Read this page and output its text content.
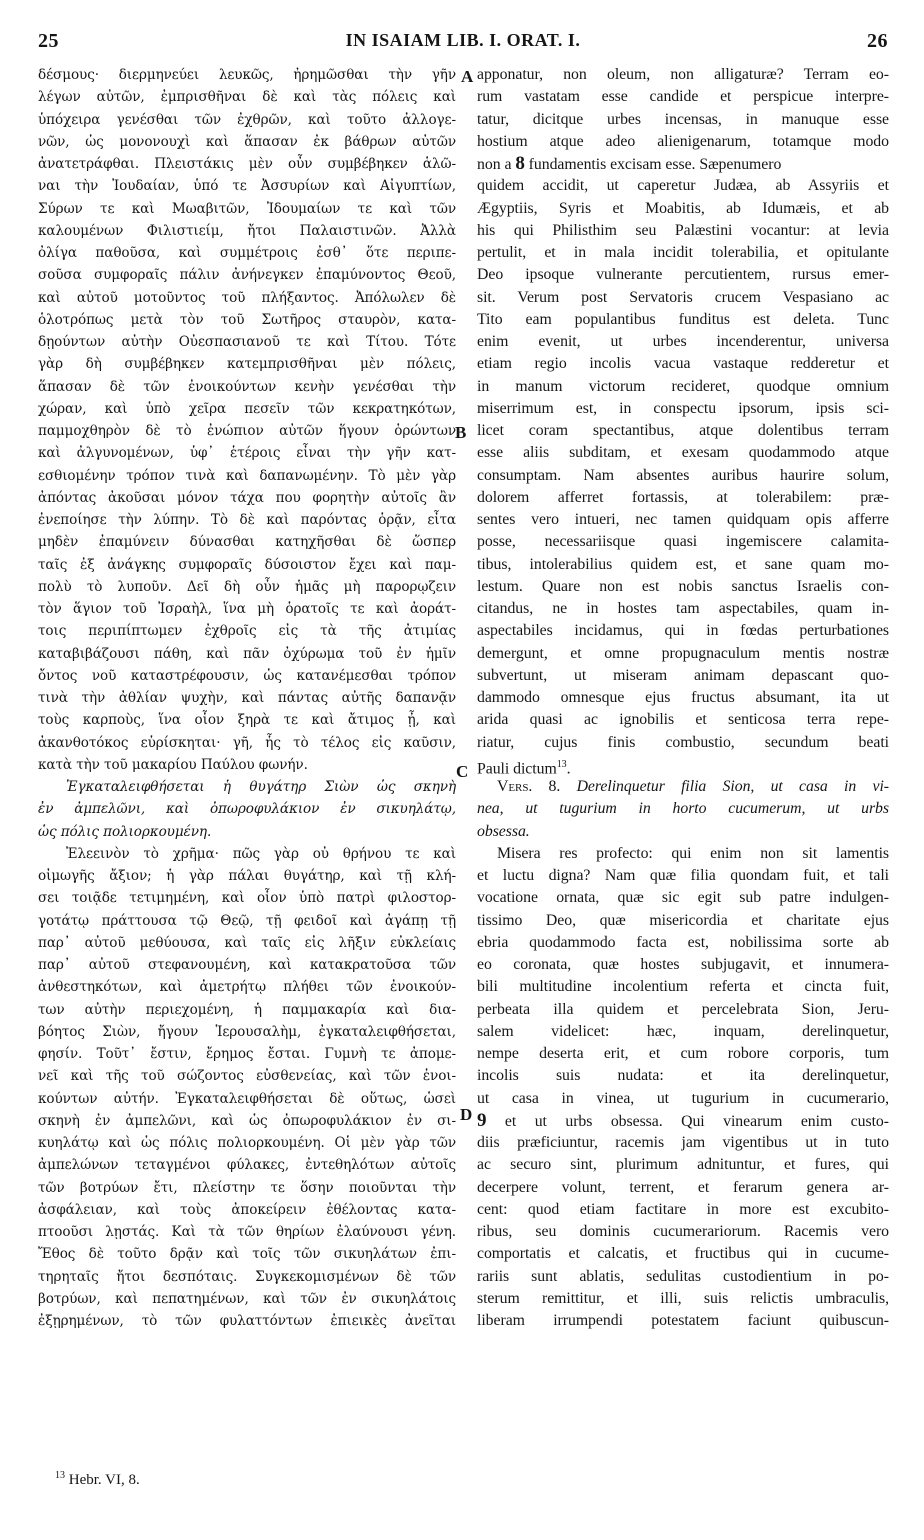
25	IN ISAIAM LIB. I. ORAT. I.	26
δέσμους· διερμηνεύει λευκῶς, ἠρημῶσθαι τὴν γῆν
λέγων αὐτῶν, ἐμπρισθῆναι δὲ καὶ τὰς πόλεις καὶ
ὑπόχειρα γενέσθαι τῶν ἐχθρῶν, καὶ τοῦτο ἀλλογε-
νῶν, ὡς μονονουχὶ καὶ ἅπασαν ἐκ βάθρων αὐτῶν
ἀνατετράφθαι. Πλειστάκις μὲν οὖν συμβέβηκεν ἁλῶ-
ναι τὴν Ἰουδαίαν, ὑπό τε Ἀσσυρίων καὶ Αἰγυπτίων,
Σύρων τε καὶ Μωαβιτῶν, Ἰδουμαίων τε καὶ τῶν
καλουμένων Φιλιστιείμ, ἤτοι Παλαιστινῶν. Ἀλλὰ
ὀλίγα παθοῦσα, καὶ συμμέτροις ἐσθ᾽ ὅτε περιπε-
σοῦσα συμφοραῖς πάλιν ἀνήνεγκεν ἐπαμύνοντος Θεοῦ,
καὶ αὐτοῦ μοτοῦντος τοῦ πλήξαντος. Ἀπόλωλεν δὲ
ὁλοτρόπως μετὰ τὸν τοῦ Σωτῆρος σταυρὸν, κατα-
δῃούντων αὐτὴν Οὐεσπασιανοῦ τε καὶ Τίτου. Τότε
γὰρ δὴ συμβέβηκεν κατεμπρισθῆναι μὲν πόλεις,
ἅπασαν δὲ τῶν ἐνοικούντων κενὴν γενέσθαι τὴν
χώραν, καὶ ὑπὸ χεῖρα πεσεῖν τῶν κεκρατηκότων,
παμμοχθηρὸν δὲ τὸ ἐνώπιον αὐτῶν ἥγουν ὁρώντων
καὶ ἀλγυνομένων, ὑφ᾽ ἑτέροις εἶναι τὴν γῆν κατ-
εσθιομένην τρόπον τινὰ καὶ δαπανωμένην. Τὸ μὲν γὰρ
ἀπόντας ἀκοῦσαι μόνον τάχα που φορητὴν αὐτοῖς ἂν
ἐνεποίησε τὴν λύπην. Τὸ δὲ καὶ παρόντας ὁρᾷν, εἶτα
μηδὲν ἐπαμύνειν δύνασθαι κατηχῆσθαι δὲ ὥσπερ
ταῖς ἐξ ἀνάγκης συμφοραῖς δύσοιστον ἔχει καὶ παμ-
πολὺ τὸ λυποῦν. Δεῖ δὴ οὖν ἡμᾶς μὴ παρορῳζειν
τὸν ἅγιον τοῦ Ἰσραὴλ, ἵνα μὴ ὁρατοῖς τε καὶ ἀοράτ-
τοις περιπίπτωμεν ἐχθροῖς εἰς τὰ τῆς ἀτιμίας
καταβιβάζουσι πάθη, καὶ πᾶν ὀχύρωμα τοῦ ἐν ἡμῖν
ὄντος νοῦ καταστρέφουσιν, ὡς κατανέμεσθαι τρόπον
τινὰ τὴν ἀθλίαν ψυχὴν, καὶ πάντας αὐτῆς δαπανᾷν
τοὺς καρποὺς, ἵνα οἷον ξηρὰ τε καὶ ἄτιμος ᾖ, καὶ
ἀκανθοτόκος εὑρίσκηται· γῆ, ἧς τὸ τέλος εἰς καῦσιν,
κατὰ τὴν τοῦ μακαρίου Παύλου φωνήν.
Ἐγκαταλειφθήσεται ἡ θυγάτηρ Σιὼν ὡς σκηνὴ
ἐν ἀμπελῶνι, καὶ ὀπωροφυλάκιον ἐν σικυηλάτῳ,
ὡς πόλις πολιορκουμένη.
Ἐλεεινὸν τὸ χρῆμα· πῶς γὰρ οὐ θρήνου τε καὶ
οἰμωγῆς ἄξιον; ἡ γὰρ πάλαι θυγάτηρ, καὶ τῇ κλή-
σει τοιᾷδε τετιμημένη, καὶ οἷον ὑπὸ πατρὶ φιλοστορ-
γοτάτῳ πράττουσα τῷ Θεῷ, τῇ φειδοῖ καὶ ἀγάπῃ τῇ
παρ᾽ αὐτοῦ μεθύουσα, καὶ ταῖς εἰς λῆξιν εὐκλείαις
παρ᾽ αὐτοῦ στεφανουμένη, καὶ κατακρατοῦσα τῶν
ἀνθεστηκότων, καὶ ἀμετρήτῳ πλήθει τῶν ἐνοικούν-
των αὐτὴν περιεχομένη, ἡ παμμακαρία καὶ δια-
βόητος Σιὼν, ἤγουν Ἱερουσαλὴμ, ἐγκαταλειφθήσεται,
φησίν. Τοῦτ᾽ ἔστιν, ἔρημος ἔσται. Γυμνὴ τε ἀπομε-
νεῖ καὶ τῆς τοῦ σώζοντος εὐσθενείας, καὶ τῶν ἐνοι-
κούντων αὐτήν. Ἐγκαταλειφθήσεται δὲ οὕτως, ὡσεὶ
σκηνὴ ἐν ἀμπελῶνι, καὶ ὡς ὀπωροφυλάκιον ἐν σι-
κυηλάτῳ καὶ ὡς πόλις πολιορκουμένη. Οἱ μὲν γὰρ τῶν
ἀμπελώνων τεταγμένοι φύλακες, ἐντεθηλότων αὐτοῖς
τῶν βοτρύων ἔτι, πλείστην τε ὅσην ποιοῦνται τὴν
ἀσφάλειαν, καὶ τοὺς ἀποκείρειν ἐθέλοντας κατα-
πτοοῦσι λῃστάς. Καὶ τὰ τῶν θηρίων ἐλαύνουσι γένη.
Ἔθος δὲ τοῦτο δρᾷν καὶ τοῖς τῶν σικυηλάτων ἐπι-
τηρηταῖς ἤτοι δεσπόταις. Συγκεκομισμένων δὲ τῶν
βοτρύων, καὶ πεπατημένων, καὶ τῶν ἐν σικυηλάτοις
ἐξῃρημένων, τὸ τῶν φυλαττόντων ἐπιεικὲς ἀνεῖται
A
B
C
D
apponatur, non oleum, non alligaturæ? Terram eo-
rum vastatam esse candide et perspicue interpre-
tatur, dicitque urbes incensas, in manuque esse
hostium atque adeo alienigenarum, totamque modo
non a 8 fundamentis excisam esse. Sæpenumero
quidem accidit, ut caperetur Judæa, ab Assyriis et
Ægyptiis, Syris et Moabitis, ab Idumæis, et ab
his qui Philisthim seu Palæstini vocantur: at levia
pertulit, et in mala incidit tolerabilia, et opitulante
Deo ipsoque vulnerante percutientem, rursus emer-
sit. Verum post Servatoris crucem Vespasiano ac
Tito eam populantibus funditus est deleta. Tunc
enim evenit, ut urbes incenderentur, universa
etiam regio incolis vacua vastaque redderetur et
in manum victorum recideret, quodque omnium
miserrimum est, in conspectu ipsorum, ipsis sci-
licet coram spectantibus, atque dolentibus terram
esse aliis subditam, et exesam quodammodo atque
consumptam. Nam absentes auribus haurire solum,
dolorem afferret fortassis, at tolerabilem: præ-
sentes vero intueri, nec tamen quidquam opis afferre
posse, necessariisque quasi ingemiscere calamita-
tibus, intolerabilius quidem est, et sane quam mo-
lestum. Quare non est nobis sanctus Israelis con-
citandus, ne in hostes tam aspectabiles, quam in-
aspectabiles incidamus, qui in fœdas perturbationes
demergunt, et omne propugnaculum mentis nostræ
subvertunt, ut miseram animam depascant quo-
dammodo omnesque ejus fructus absumant, ita ut
arida quasi ac ignobilis et senticosa terra repe-
riatur, cujus finis combustio, secundum beati
Pauli dictum$^{13}$.
Vers. 8. Derelinquetur filia Sion, ut casa in vi-
nea, ut tugurium in horto cucumerum, ut urbs
obsessa.
Misera res profecto: qui enim non sit lamentis
et luctu digna? Nam quæ filia quondam fuit, et tali
vocatione ornata, quæ sic egit sub patre indulgen-
tissimo Deo, quæ misericordia et charitate ejus
ebria quodammodo facta est, nobilissima sorte ab
eo coronata, quæ hostes subjugavit, et innumera-
bili multitudine incolentium referta et cincta fuit,
perbeata illa quidem et percelebrata Sion, Jeru-
salem videlicet: hæc, inquam, derelinquetur,
nempe deserta erit, et cum robore corporis, tum
incolis suis nudata: et ita derelinquetur,
ut casa in vinea, ut tugurium in cucumerario,
9 et ut urbs obsessa. Qui vinearum enim custo-
diis præficiuntur, racemis jam vigentibus ut in tuto
ac securo sint, plurimum adnituntur, et fures, qui
decerpere volunt, terrent, et ferarum genera ar-
cent: quod etiam factitare in more est excubito-
ribus, seu dominis cucumerariorum. Racemis vero
comportatis et calcatis, et fructibus qui in cucume-
rariis sunt ablatis, sedulitas custodientium in po-
sterum remittitur, et illi, suis relictis umbraculis,
liberam irrumpendi potestatem faciunt quibuscun-
$^{13}$ Hebr. VI, 8.
